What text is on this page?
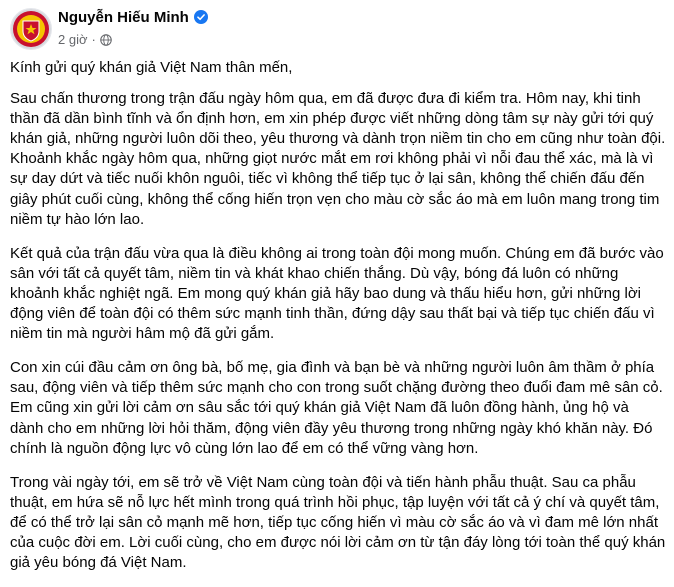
Nguyễn Hiếu Minh
2 giờ ·

Kính gửi quý khán giả Việt Nam thân mến,

Sau chấn thương trong trận đấu ngày hôm qua, em đã được đưa đi kiểm tra. Hôm nay, khi tinh thần đã dần bình tĩnh và ổn định hơn, em xin phép được viết những dòng tâm sự này gửi tới quý khán giả, những người luôn dõi theo, yêu thương và dành trọn niềm tin cho em cũng như toàn đội. Khoảnh khắc ngày hôm qua, những giọt nước mắt em rơi không phải vì nỗi đau thể xác, mà là vì sự day dứt và tiếc nuối khôn nguôi, tiếc vì không thể tiếp tục ở lại sân, không thể chiến đấu đến giây phút cuối cùng, không thể cống hiến trọn vẹn cho màu cờ sắc áo mà em luôn mang trong tim niềm tự hào lớn lao.

Kết quả của trận đấu vừa qua là điều không ai trong toàn đội mong muốn. Chúng em đã bước vào sân với tất cả quyết tâm, niềm tin và khát khao chiến thắng. Dù vậy, bóng đá luôn có những khoảnh khắc nghiệt ngã. Em mong quý khán giả hãy bao dung và thấu hiểu hơn, gửi những lời động viên để toàn đội có thêm sức mạnh tinh thần, đứng dậy sau thất bại và tiếp tục chiến đấu vì niềm tin mà người hâm mộ đã gửi gắm.

Con xin cúi đầu cảm ơn ông bà, bố mẹ, gia đình và bạn bè và những người luôn âm thầm ở phía sau, động viên và tiếp thêm sức mạnh cho con trong suốt chặng đường theo đuổi đam mê sân cỏ. Em cũng xin gửi lời cảm ơn sâu sắc tới quý khán giả Việt Nam đã luôn đồng hành, ủng hộ và dành cho em những lời hỏi thăm, động viên đầy yêu thương trong những ngày khó khăn này. Đó chính là nguồn động lực vô cùng lớn lao để em có thể vững vàng hơn.

Trong vài ngày tới, em sẽ trở về Việt Nam cùng toàn đội và tiến hành phẫu thuật. Sau ca phẫu thuật, em hứa sẽ nỗ lực hết mình trong quá trình hồi phục, tập luyện với tất cả ý chí và quyết tâm, để có thể trở lại sân cỏ mạnh mẽ hơn, tiếp tục cống hiến vì màu cờ sắc áo và vì đam mê lớn nhất của cuộc đời em. Lời cuối cùng, cho em được nói lời cảm ơn từ tận đáy lòng tới toàn thể quý khán giả yêu bóng đá Việt Nam.
